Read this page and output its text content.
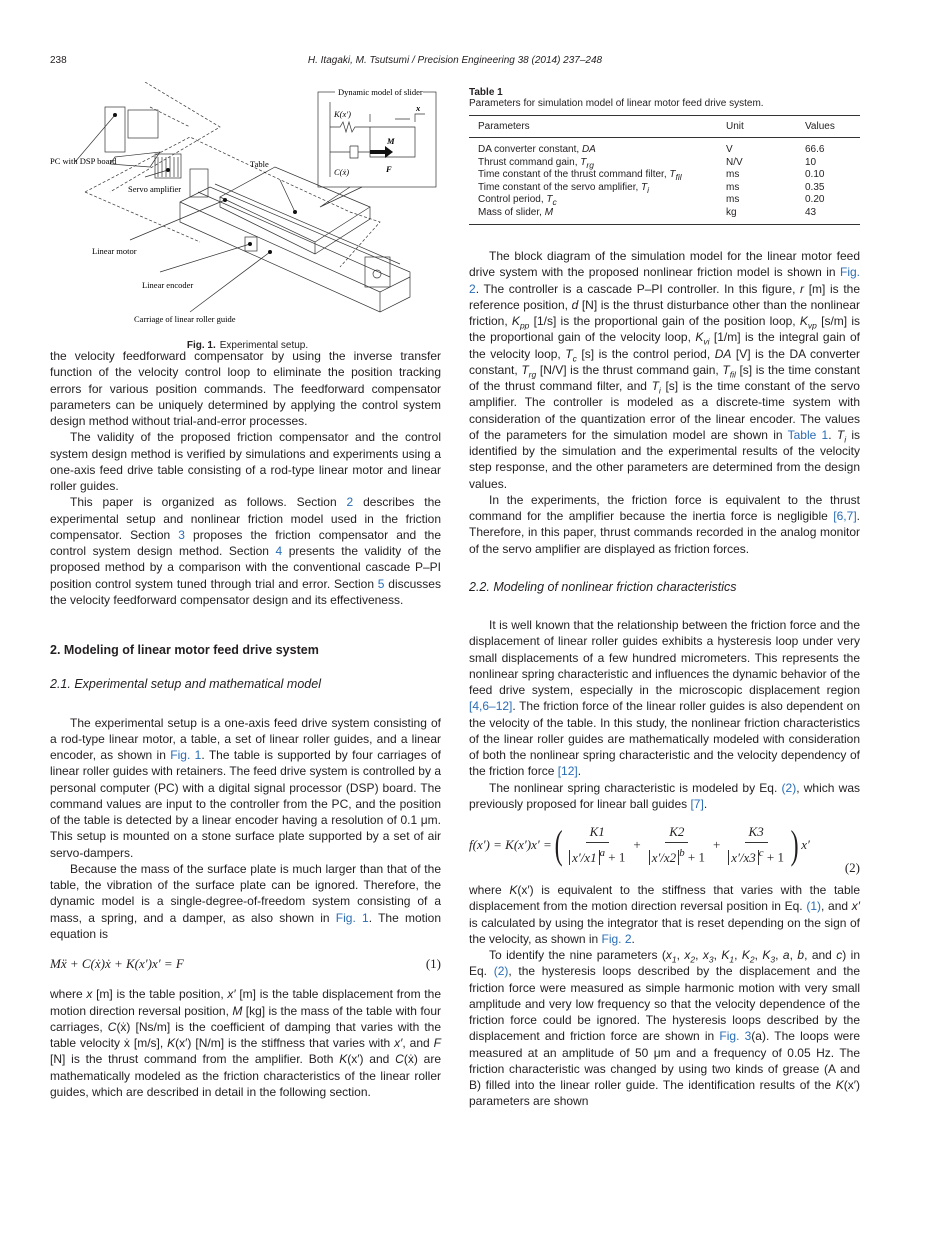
238	H. Itagaki, M. Tsutsumi / Precision Engineering 38 (2014) 237–248
Dynamic model of slider
K(x′)
C(ẋ)
M
F
x
PC with DSP board
Servo amplifier
Table
Linear motor
Linear encoder
Carriage of linear roller guide
Fig. 1. Experimental setup.
Table 1
Parameters for simulation model of linear motor feed drive system.
Parameters	Unit	Values
DA converter constant, DA	V	66.6
Thrust command gain, $T_{rg}$	N/V	10
Time constant of the thrust command filter, $T_{fil}$	ms	0.10
Time constant of the servo amplifier, $T_i$	ms	0.35
Control period, $T_c$	ms	0.20
Mass of slider, M	kg	43

the velocity feedforward compensator by using the inverse transfer function of the velocity control loop to eliminate the position tracking errors for various position commands. The feedforward compensator parameters can be uniquely determined by applying the control system design method without trial-and-error processes.

The validity of the proposed friction compensator and the control system design method is verified by simulations and experiments using a one-axis feed drive table consisting of a rod-type linear motor and linear roller guides.

This paper is organized as follows. Section 2 describes the experimental setup and nonlinear friction model used in the friction compensator. Section 3 proposes the friction compensator and the control system design method. Section 4 presents the validity of the proposed method by a comparison with the conventional cascade P–PI position control system tuned through trial and error. Section 5 discusses the velocity feedforward compensator design and its effectiveness.

2. Modeling of linear motor feed drive system
2.1. Experimental setup and mathematical model

The experimental setup is a one-axis feed drive system consisting of a rod-type linear motor, a table, a set of linear roller guides, and a linear encoder, as shown in Fig. 1. The table is supported by four carriages of linear roller guides with retainers. The feed drive system is controlled by a personal computer (PC) with a digital signal processor (DSP) board. The command values are input to the controller from the PC, and the position of the table is detected by a linear encoder having a resolution of 0.1 μm. This setup is mounted on a stone surface plate supported by a set of air servo-dampers.

Because the mass of the surface plate is much larger than that of the table, the vibration of the surface plate can be ignored. Therefore, the dynamic model is a single-degree-of-freedom system consisting of a mass, a spring, and a damper, as also shown in Fig. 1. The motion equation is

Mẍ + C(ẋ)ẋ + K(x′)x′ = F	(1)

where x [m] is the table position, x′ [m] is the table displacement from the motion direction reversal position, M [kg] is the mass of the table with four carriages, C(ẋ) [Ns/m] is the coefficient of damping that varies with the table velocity ẋ [m/s], K(x′) [N/m] is the stiffness that varies with x′, and F [N] is the thrust command from the amplifier. Both K(x′) and C(ẋ) are mathematically modeled as the friction characteristics of the linear roller guides, which are described in detail in the following section.

The block diagram of the simulation model for the linear motor feed drive system with the proposed nonlinear friction model is shown in Fig. 2. The controller is a cascade P–PI controller. In this figure, r [m] is the reference position, d [N] is the thrust disturbance other than the nonlinear friction, $K_{pp}$ [1/s] is the proportional gain of the position loop, $K_{vp}$ [s/m] is the proportional gain of the velocity loop, $K_{vi}$ [1/m] is the integral gain of the velocity loop, $T_c$ [s] is the control period, DA [V] is the DA converter constant, $T_{rg}$ [N/V] is the thrust command gain, $T_{fil}$ [s] is the time constant of the thrust command filter, and $T_i$ [s] is the time constant of the servo amplifier. The controller is modeled as a discrete-time system with consideration of the quantization error of the linear encoder. The values of the parameters for the simulation model are shown in Table 1. $T_i$ is identified by the simulation and the experimental results of the velocity step response, and the other parameters are determined from the design values.

In the experiments, the friction force is equivalent to the thrust command for the amplifier because the inertia force is negligible [6,7]. Therefore, in this paper, thrust commands recorded in the analog monitor of the servo amplifier are displayed as friction forces.

2.2. Modeling of nonlinear friction characteristics

It is well known that the relationship between the friction force and the displacement of linear roller guides exhibits a hysteresis loop under very small displacements of a few hundred micrometers. This represents the nonlinear spring characteristic and influences the dynamic behavior of the feed drive system, especially in the microscopic displacement region [4,6–12]. The friction force of the linear roller guides is also dependent on the velocity of the table. In this study, the nonlinear friction characteristics of the linear roller guides are mathematically modeled with consideration of both the nonlinear spring characteristic and the velocity dependency of the friction force [12].

The nonlinear spring characteristic is modeled by Eq. (2), which was previously proposed for linear ball guides [7].

f(x′) = K(x′)x′ = ( $\frac{K1}{x'/x1 ^a + 1} + \frac{K2}{x'/x2 ^b + 1} + \frac{K3}{x'/x3 ^c + 1}$ ) x′
(2)

where K(x′) is equivalent to the stiffness that varies with the table displacement from the motion direction reversal position in Eq. (1), and x′ is calculated by using the integrator that is reset depending on the sign of the velocity, as shown in Fig. 2.

To identify the nine parameters ($x_1$, $x_2$, $x_3$, $K_1$, $K_2$, $K_3$, a, b, and c) in Eq. (2), the hysteresis loops described by the displacement and the friction force were measured as simple harmonic motion with very small amplitude and very low frequency so that the velocity dependence of the friction force could be ignored. The hysteresis loops described by the displacement and friction force are shown in Fig. 3(a). The loops were measured at an amplitude of 50 μm and a frequency of 0.05 Hz. The friction characteristic was changed by using two kinds of grease (A and B) filled into the linear roller guide. The identification results of the K(x′) parameters are shown
